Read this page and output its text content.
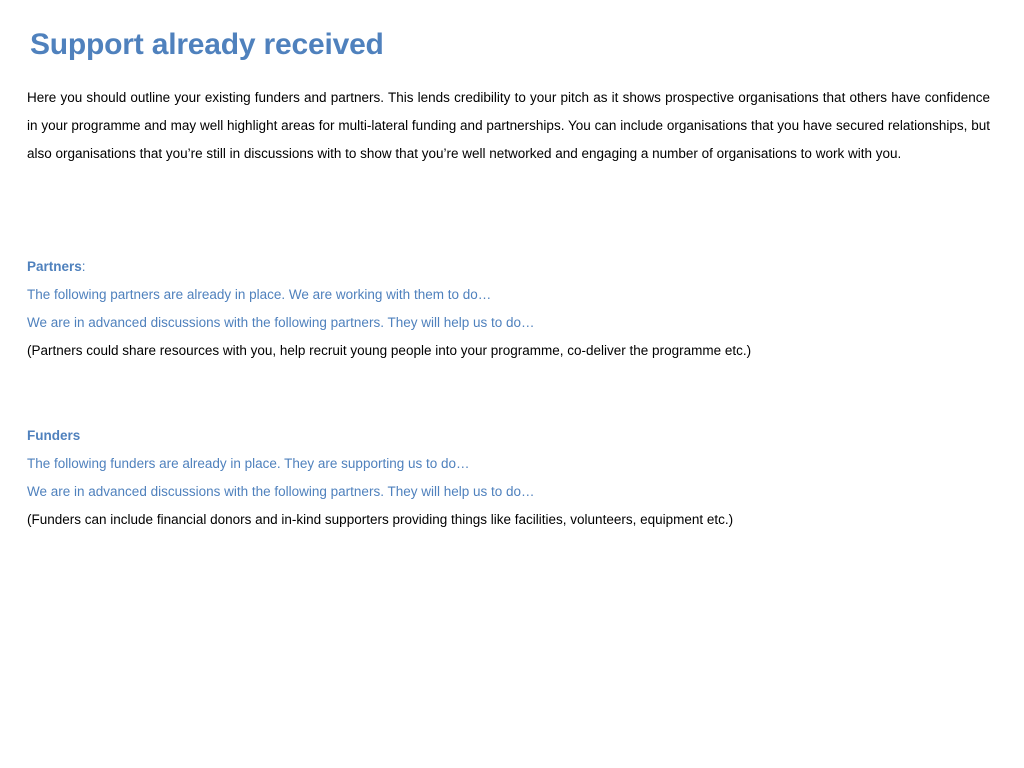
Support already received

Here you should outline your existing funders and partners. This lends credibility to your pitch as it shows prospective organisations that others have confidence in your programme and may well highlight areas for multi-lateral funding and partnerships. You can include organisations that you have secured relationships, but also organisations that you’re still in discussions with to show that you’re well networked and engaging a number of organisations to work with you.

Partners:

The following partners are already in place. We are working with them to do…

We are in advanced discussions with the following partners. They will help us to do…

(Partners could share resources with you, help recruit young people into your programme, co-deliver the programme etc.)

Funders

The following funders are already in place. They are supporting us to do…

We are in advanced discussions with the following partners. They will help us to do…

(Funders can include financial donors and in-kind supporters providing things like facilities, volunteers, equipment etc.)
